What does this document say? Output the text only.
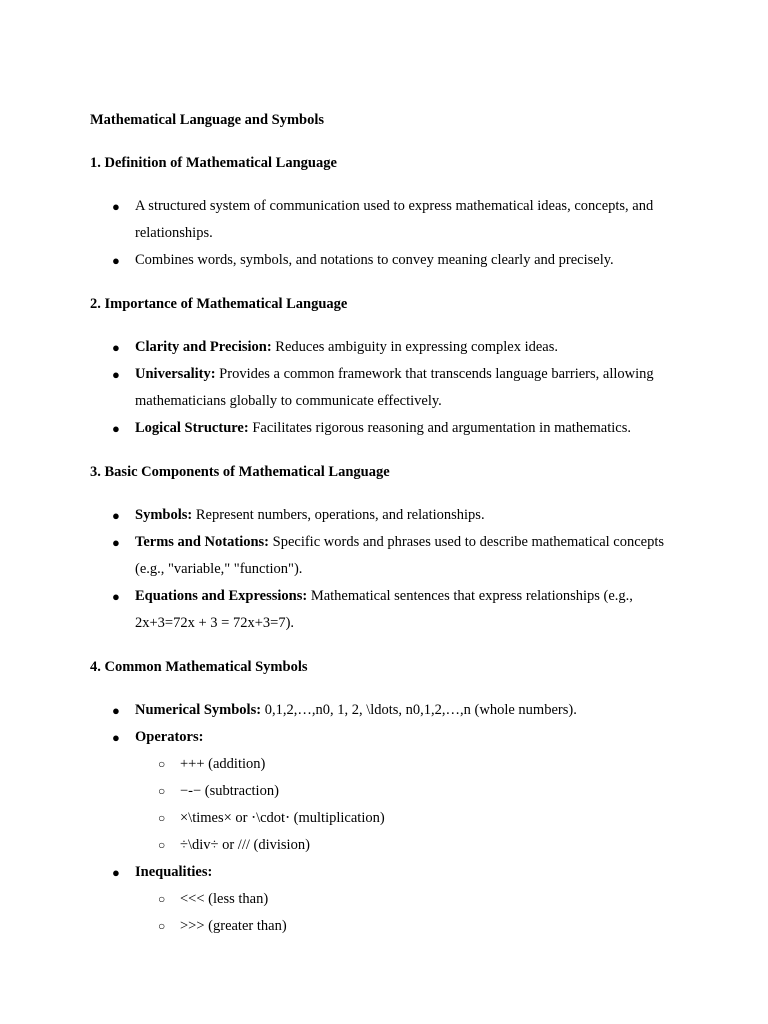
Mathematical Language and Symbols

1. Definition of Mathematical Language

● A structured system of communication used to express mathematical ideas, concepts, and relationships.
● Combines words, symbols, and notations to convey meaning clearly and precisely.

2. Importance of Mathematical Language

● Clarity and Precision: Reduces ambiguity in expressing complex ideas.
● Universality: Provides a common framework that transcends language barriers, allowing mathematicians globally to communicate effectively.
● Logical Structure: Facilitates rigorous reasoning and argumentation in mathematics.

3. Basic Components of Mathematical Language

● Symbols: Represent numbers, operations, and relationships.
● Terms and Notations: Specific words and phrases used to describe mathematical concepts (e.g., "variable," "function").
● Equations and Expressions: Mathematical sentences that express relationships (e.g., 2x+3=72x + 3 = 72x+3=7).

4. Common Mathematical Symbols

● Numerical Symbols: 0,1,2,…,n0, 1, 2, \ldots, n0,1,2,…,n (whole numbers).
● Operators:
○ +++ (addition)
○ −-− (subtraction)
○ ×\times× or ⋅\cdot⋅ (multiplication)
○ ÷\div÷ or /// (division)
● Inequalities:
○ <<< (less than)
○ >>> (greater than)
